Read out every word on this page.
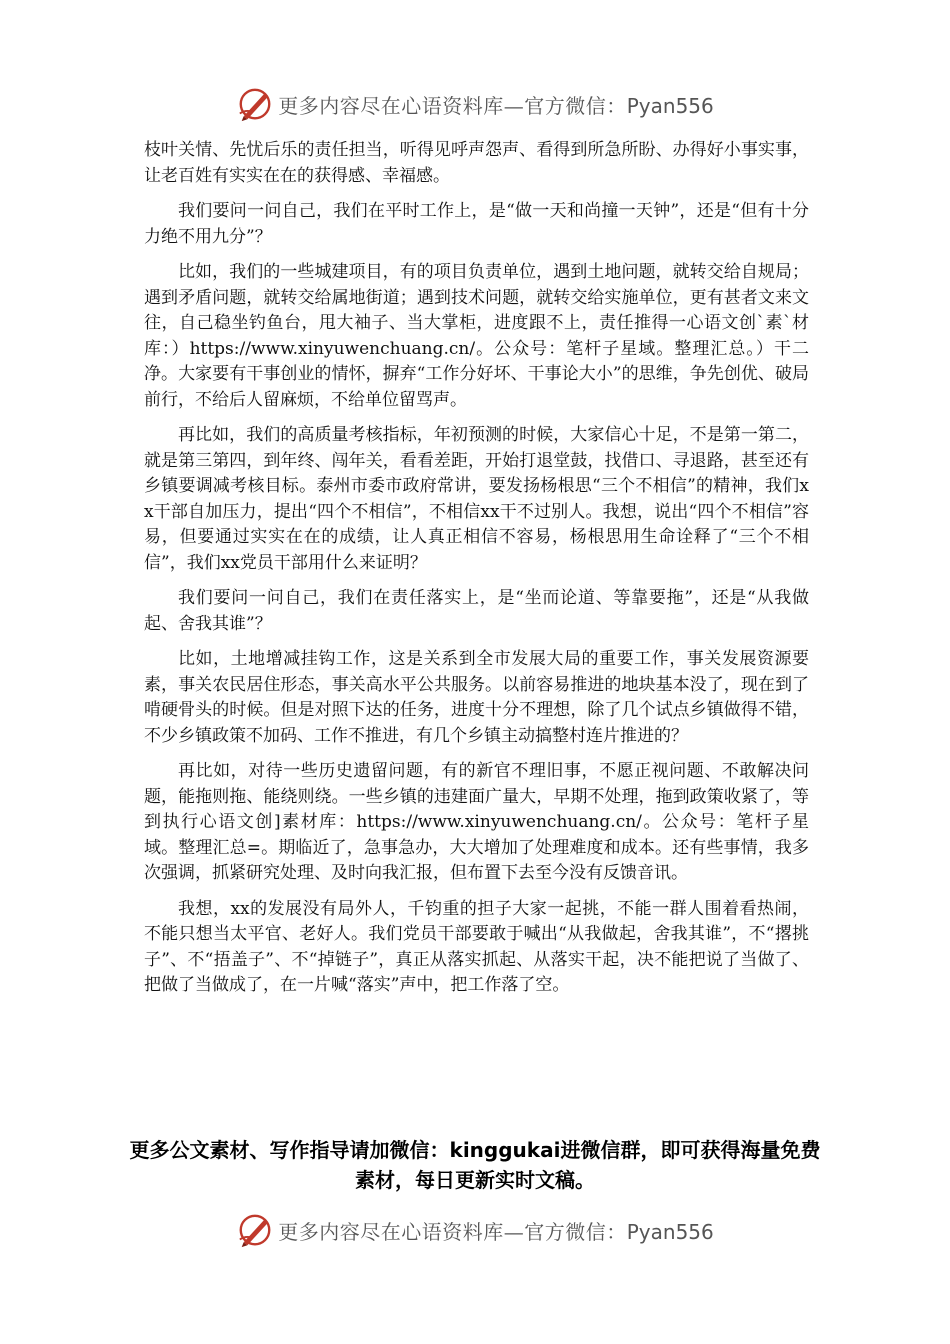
更多内容尽在心语资料库—官方微信：Pyan556

枝叶关情、先忧后乐的责任担当，听得见呼声怨声、看得到所急所盼、办得好小事实事，让老百姓有实实在在的获得感、幸福感。

我们要问一问自己，我们在平时工作上，是“做一天和尚撞一天钟”，还是“但有十分力绝不用九分”？

比如，我们的一些城建项目，有的项目负责单位，遇到土地问题，就转交给自规局；遇到矛盾问题，就转交给属地街道；遇到技术问题，就转交给实施单位，更有甚者文来文往，自己稳坐钓鱼台，甩大袖子、当大掌柜，进度跟不上，责任推得一心语文创`素`材库：）https://www.xinyuwenchuang.cn/。公众号：笔杆子星域。整理汇总。）干二净。大家要有干事创业的情怀，摒弃“工作分好坏、干事论大小”的思维，争先创优、破局前行，不给后人留麻烦，不给单位留骂声。

再比如，我们的高质量考核指标，年初预测的时候，大家信心十足，不是第一第二，就是第三第四，到年终、闯年关，看看差距，开始打退堂鼓，找借口、寻退路，甚至还有乡镇要调减考核目标。泰州市委市政府常讲，要发扬杨根思“三个不相信”的精神，我们xx干部自加压力，提出“四个不相信”，不相信xx干不过别人。我想，说出“四个不相信”容易，但要通过实实在在的成绩，让人真正相信不容易，杨根思用生命诠释了“三个不相信”，我们xx党员干部用什么来证明？

我们要问一问自己，我们在责任落实上，是“坐而论道、等靠要拖”，还是“从我做起、舍我其谁”？

比如，土地增减挂钩工作，这是关系到全市发展大局的重要工作，事关发展资源要素，事关农民居住形态，事关高水平公共服务。以前容易推进的地块基本没了，现在到了啃硬骨头的时候。但是对照下达的任务，进度十分不理想，除了几个试点乡镇做得不错，不少乡镇政策不加码、工作不推进，有几个乡镇主动搞整村连片推进的？

再比如，对待一些历史遗留问题，有的新官不理旧事，不愿正视问题、不敢解决问题，能拖则拖、能绕则绕。一些乡镇的违建面广量大，早期不处理，拖到政策收紧了，等到执行心语文创]素材库：https://www.xinyuwenchuang.cn/。公众号：笔杆子星域。整理汇总=。期临近了，急事急办，大大增加了处理难度和成本。还有些事情，我多次强调，抓紧研究处理、及时向我汇报，但布置下去至今没有反馈音讯。

我想，xx的发展没有局外人，千钧重的担子大家一起挑，不能一群人围着看热闹，不能只想当太平官、老好人。我们党员干部要敢于喊出“从我做起，舍我其谁”，不“撂挑子”、不“捂盖子”、不“掉链子”，真正从落实抓起、从落实干起，决不能把说了当做了、把做了当做成了，在一片喊“落实”声中，把工作落了空。

更多公文素材、写作指导请加微信：kinggukai进微信群，即可获得海量免费素材，每日更新实时文稿。
更多内容尽在心语资料库—官方微信：Pyan556
